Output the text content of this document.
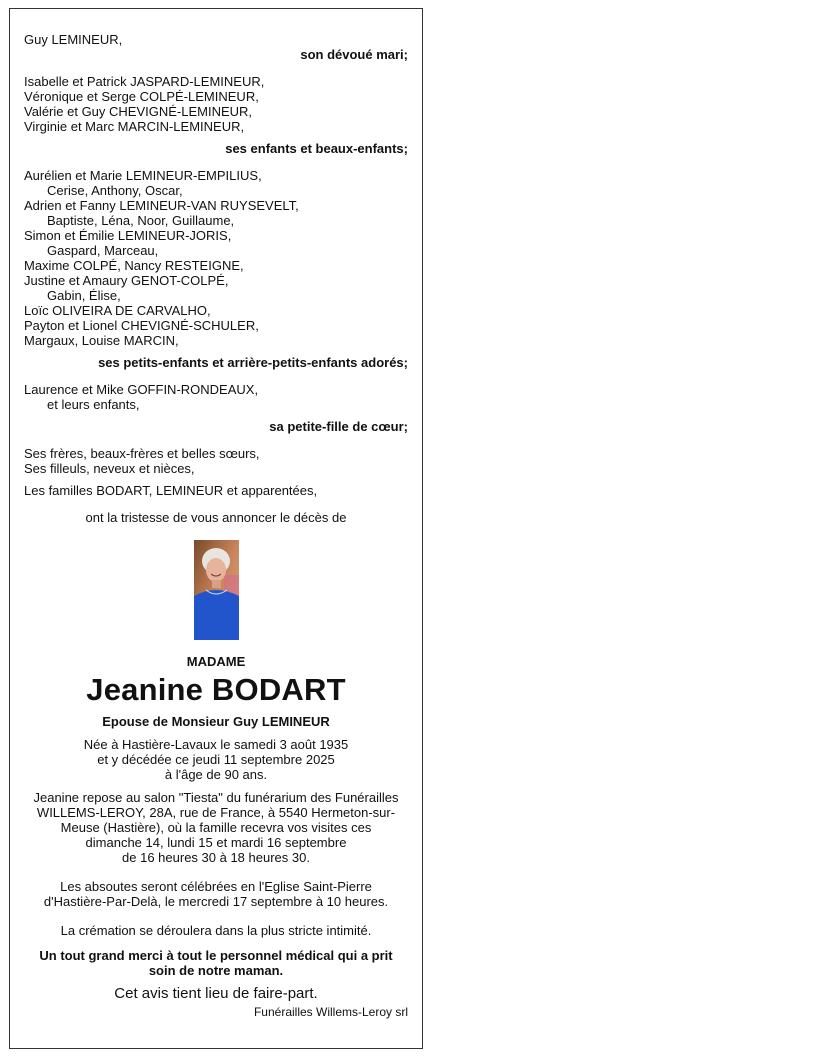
Guy LEMINEUR,
son dévoué mari;
Isabelle et Patrick JASPARD-LEMINEUR,
Véronique et Serge COLPÉ-LEMINEUR,
Valérie et Guy CHEVIGNÉ-LEMINEUR,
Virginie et Marc MARCIN-LEMINEUR,
ses enfants et beaux-enfants;
Aurélien et Marie LEMINEUR-EMPILIUS,
Cerise, Anthony, Oscar,
Adrien et Fanny LEMINEUR-VAN RUYSEVELT,
Baptiste, Léna, Noor, Guillaume,
Simon et Émilie LEMINEUR-JORIS,
Gaspard, Marceau,
Maxime COLPÉ, Nancy RESTEIGNE,
Justine et Amaury GENOT-COLPÉ,
Gabin, Élise,
Loïc OLIVEIRA DE CARVALHO,
Payton et Lionel CHEVIGNÉ-SCHULER,
Margaux, Louise MARCIN,
ses petits-enfants et arrière-petits-enfants adorés;
Laurence et Mike GOFFIN-RONDEAUX,
et leurs enfants,
sa petite-fille de cœur;
Ses frères, beaux-frères et belles sœurs,
Ses filleuls, neveux et nièces,
Les familles BODART, LEMINEUR et apparentées,
ont la tristesse de vous annoncer le décès de
MADAME
Jeanine BODART
Epouse de Monsieur Guy LEMINEUR
Née à Hastière-Lavaux le samedi 3 août 1935
et y décédée ce jeudi 11 septembre 2025
à l'âge de 90 ans.
Jeanine repose au salon "Tiesta" du funérarium des Funérailles
WILLEMS-LEROY, 28A, rue de France, à 5540 Hermeton-sur-
Meuse (Hastière), où la famille recevra vos visites ces
dimanche 14, lundi 15 et mardi 16 septembre
de 16 heures 30 à 18 heures 30.
Les absoutes seront célébrées en l'Eglise Saint-Pierre
d'Hastière-Par-Delà, le mercredi 17 septembre à 10 heures.
La crémation se déroulera dans la plus stricte intimité.
Un tout grand merci à tout le personnel médical qui a prit
soin de notre maman.
Cet avis tient lieu de faire-part.
Funérailles Willems-Leroy srl
